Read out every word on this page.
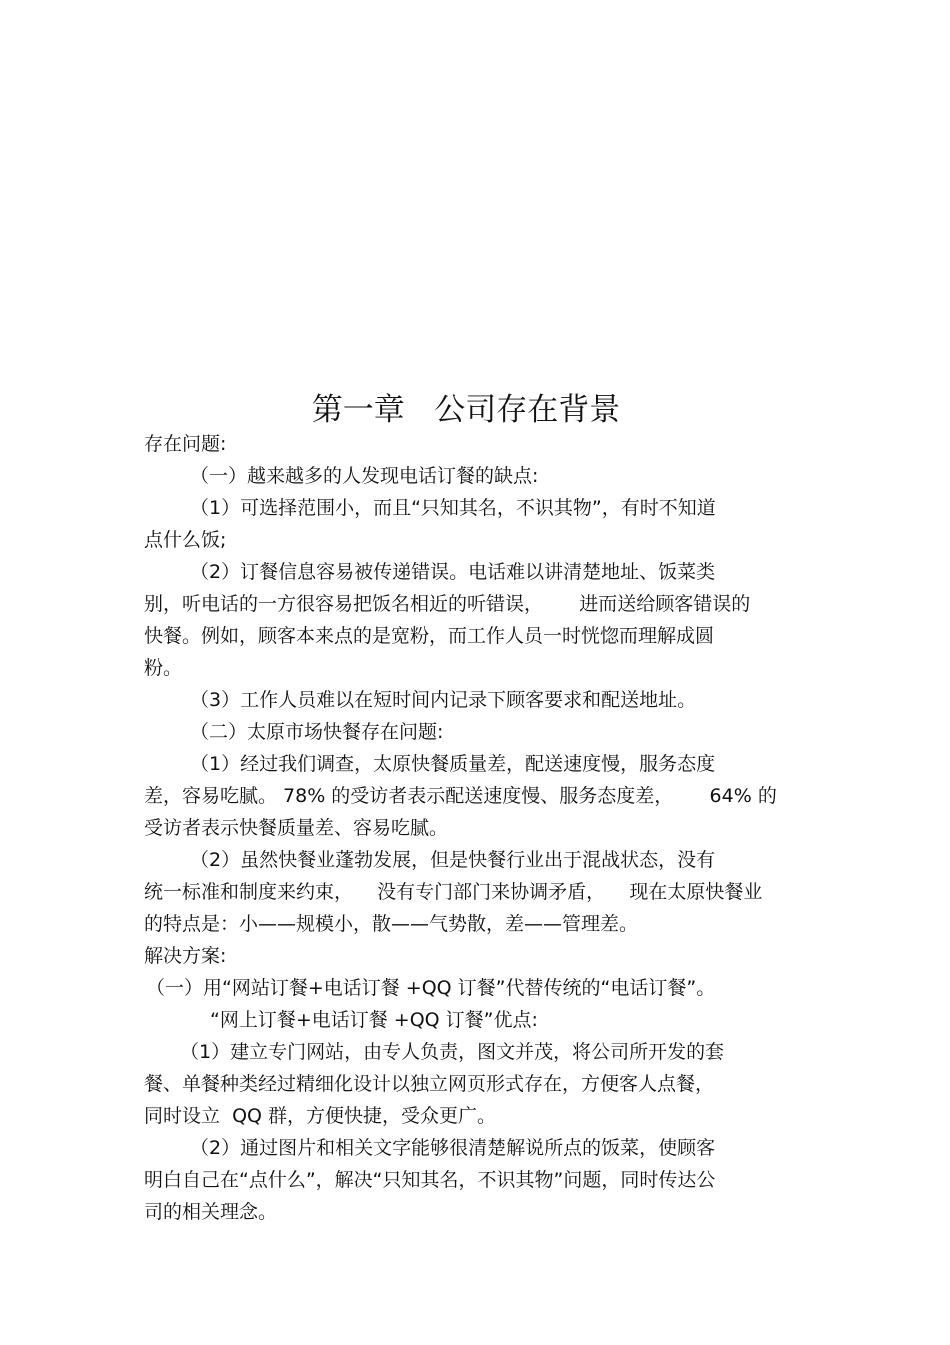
第一章   公司存在背景
存在问题:
（一）越来越多的人发现电话订餐的缺点:
（1）可选择范围小，而且“只知其名，不识其物”，有时不知道
点什么饭;
（2）订餐信息容易被传递错误。电话难以讲清楚地址、饭菜类
别，听电话的一方很容易把饭名相近的听错误，      进而送给顾客错误的
快餐。例如，顾客本来点的是宽粉，而工作人员一时恍惚而理解成圆
粉。
（3）工作人员难以在短时间内记录下顾客要求和配送地址。
（二）太原市场快餐存在问题:
（1）经过我们调查，太原快餐质量差，配送速度慢，服务态度
差，容易吃腻。 78% 的受访者表示配送速度慢、服务态度差，      64% 的
受访者表示快餐质量差、容易吃腻。
（2）虽然快餐业蓬勃发展，但是快餐行业出于混战状态，没有
统一标准和制度来约束，    没有专门部门来协调矛盾，    现在太原快餐业
的特点是：小——规模小，散——气势散，差——管理差。
解决方案:
（一）用“网站订餐+电话订餐 +QQ 订餐”代替传统的“电话订餐”。
“网上订餐+电话订餐 +QQ 订餐”优点:
（1）建立专门网站，由专人负责，图文并茂，将公司所开发的套
餐、单餐种类经过精细化设计以独立网页形式存在，方便客人点餐，
同时设立  QQ 群，方便快捷，受众更广。
（2）通过图片和相关文字能够很清楚解说所点的饭菜，使顾客
明白自己在“点什么”，解决“只知其名，不识其物”问题，同时传达公
司的相关理念。
